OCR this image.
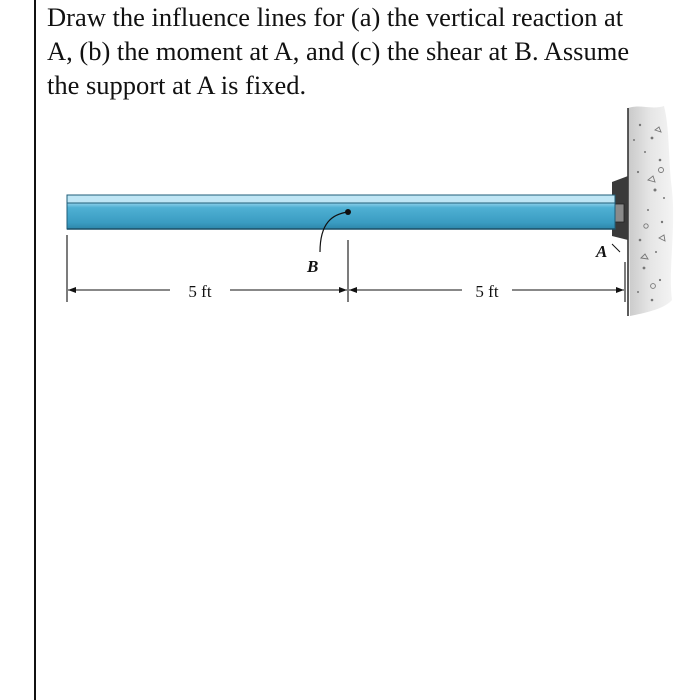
Draw the influence lines for (a) the vertical reaction at
A, (b) the moment at A, and (c) the shear at B. Assume
the support at A is fixed.
B
A
5 ft	5 ft
